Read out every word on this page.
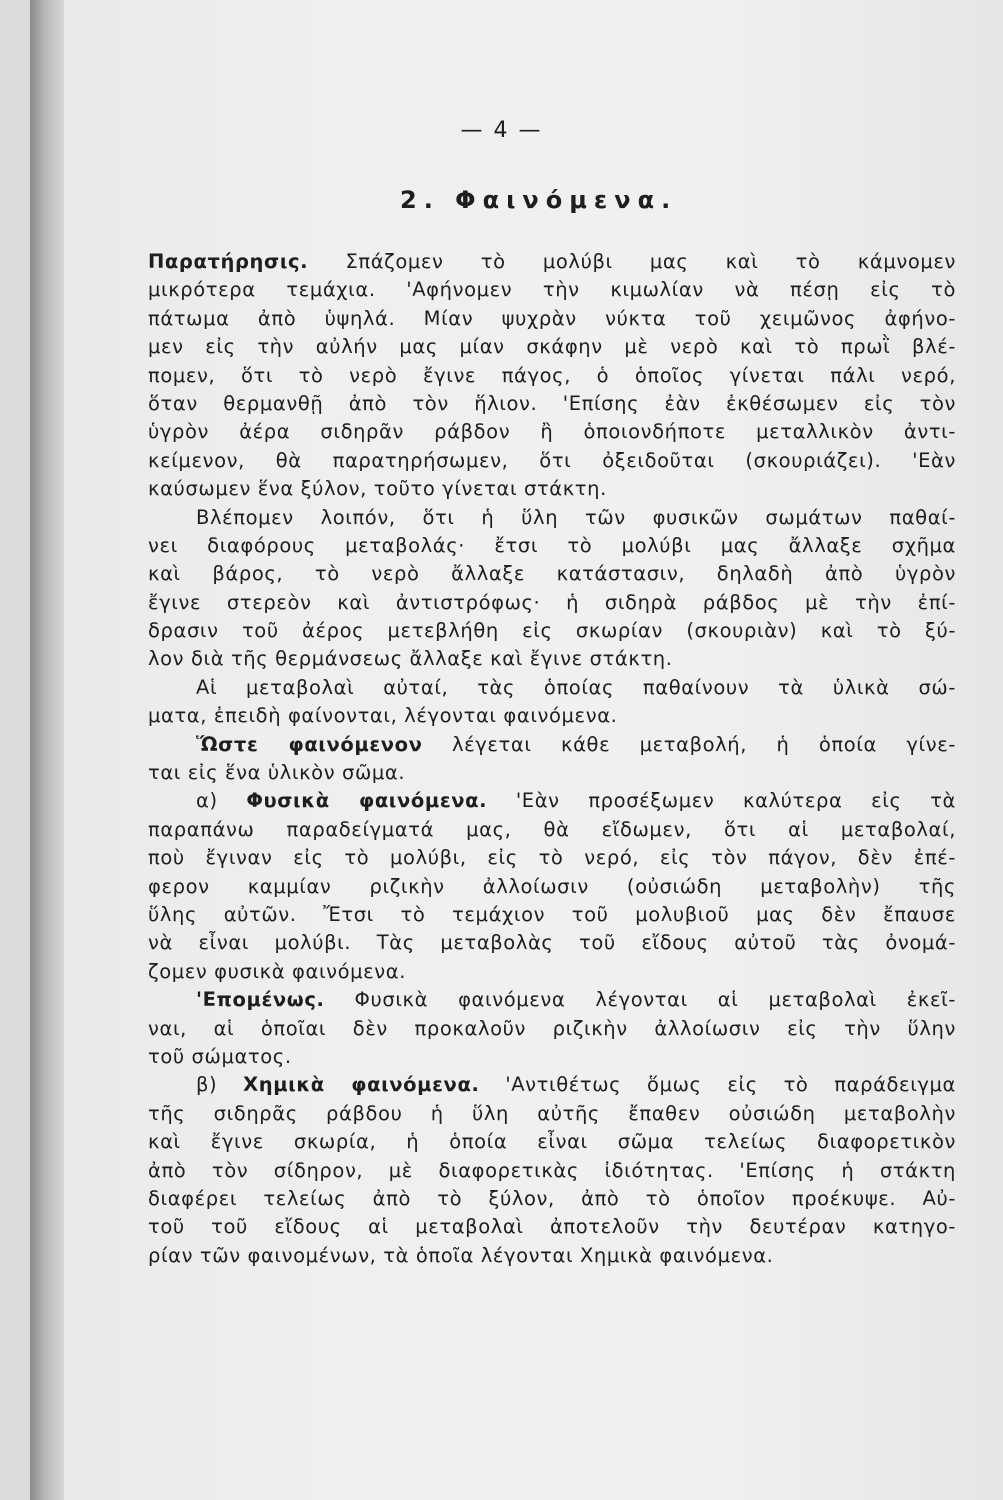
— 4 —
2. Φαινόμενα.
Παρατήρησις. Σπάζομεν τὸ μολύβι μας καὶ τὸ κάμνομεν
μικρότερα τεμάχια. 'Αφήνομεν τὴν κιμωλίαν νὰ πέσῃ εἰς τὸ
πάτωμα ἀπὸ ὑψηλά. Μίαν ψυχρὰν νύκτα τοῦ χειμῶνος ἀφήνο-
μεν εἰς τὴν αὐλήν μας μίαν σκάφην μὲ νερὸ καὶ τὸ πρωῒ βλέ-
πομεν, ὅτι τὸ νερὸ ἔγινε πάγος, ὁ ὁποῖος γίνεται πάλι νερό,
ὅταν θερμανθῇ ἀπὸ τὸν ἥλιον. 'Επίσης ἐὰν ἐκθέσωμεν εἰς τὸν
ὑγρὸν ἀέρα σιδηρᾶν ράβδον ἢ ὁποιονδήποτε μεταλλικὸν ἀντι-
κείμενον, θὰ παρατηρήσωμεν, ὅτι ὀξειδοῦται (σκουριάζει). 'Εὰν
καύσωμεν ἕνα ξύλον, τοῦτο γίνεται στάκτη.
Βλέπομεν λοιπόν, ὅτι ἡ ὕλη τῶν φυσικῶν σωμάτων παθαί-
νει διαφόρους μεταβολάς· ἔτσι τὸ μολύβι μας ἄλλαξε σχῆμα
καὶ βάρος, τὸ νερὸ ἄλλαξε κατάστασιν, δηλαδὴ ἀπὸ ὑγρὸν
ἔγινε στερεὸν καὶ ἀντιστρόφως· ἡ σιδηρὰ ράβδος μὲ τὴν ἐπί-
δρασιν τοῦ ἀέρος μετεβλήθη εἰς σκωρίαν (σκουριὰν) καὶ τὸ ξύ-
λον διὰ τῆς θερμάνσεως ἄλλαξε καὶ ἔγινε στάκτη.
Αἱ μεταβολαὶ αὐταί, τὰς ὁποίας παθαίνουν τὰ ὑλικὰ σώ-
ματα, ἐπειδὴ φαίνονται, λέγονται φαινόμενα.
Ὥστε φαινόμενον λέγεται κάθε μεταβολή, ἡ ὁποία γίνε-
ται εἰς ἕνα ὑλικὸν σῶμα.
α) Φυσικὰ φαινόμενα. 'Εὰν προσέξωμεν καλύτερα εἰς τὰ
παραπάνω παραδείγματά μας, θὰ εἴδωμεν, ὅτι αἱ μεταβολαί,
ποὺ ἔγιναν εἰς τὸ μολύβι, εἰς τὸ νερό, εἰς τὸν πάγον, δὲν ἐπέ-
φερον καμμίαν ριζικὴν ἀλλοίωσιν (οὐσιώδη μεταβολὴν) τῆς
ὕλης αὐτῶν. Ἔτσι τὸ τεμάχιον τοῦ μολυβιοῦ μας δὲν ἔπαυσε
νὰ εἶναι μολύβι. Τὰς μεταβολὰς τοῦ εἴδους αὐτοῦ τὰς ὀνομά-
ζομεν φυσικὰ φαινόμενα.
'Επομένως. Φυσικὰ φαινόμενα λέγονται αἱ μεταβολαὶ ἐκεῖ-
ναι, αἱ ὁποῖαι δὲν προκαλοῦν ριζικὴν ἀλλοίωσιν εἰς τὴν ὕλην
τοῦ σώματος.
β) Χημικὰ φαινόμενα. 'Αντιθέτως ὅμως εἰς τὸ παράδειγμα
τῆς σιδηρᾶς ράβδου ἡ ὕλη αὐτῆς ἔπαθεν οὐσιώδη μεταβολὴν
καὶ ἔγινε σκωρία, ἡ ὁποία εἶναι σῶμα τελείως διαφορετικὸν
ἀπὸ τὸν σίδηρον, μὲ διαφορετικὰς ἰδιότητας. 'Επίσης ἡ στάκτη
διαφέρει τελείως ἀπὸ τὸ ξύλον, ἀπὸ τὸ ὁποῖον προέκυψε. Αὐ-
τοῦ τοῦ εἴδους αἱ μεταβολαὶ ἀποτελοῦν τὴν δευτέραν κατηγο-
ρίαν τῶν φαινομένων, τὰ ὁποῖα λέγονται Χημικὰ φαινόμενα.
